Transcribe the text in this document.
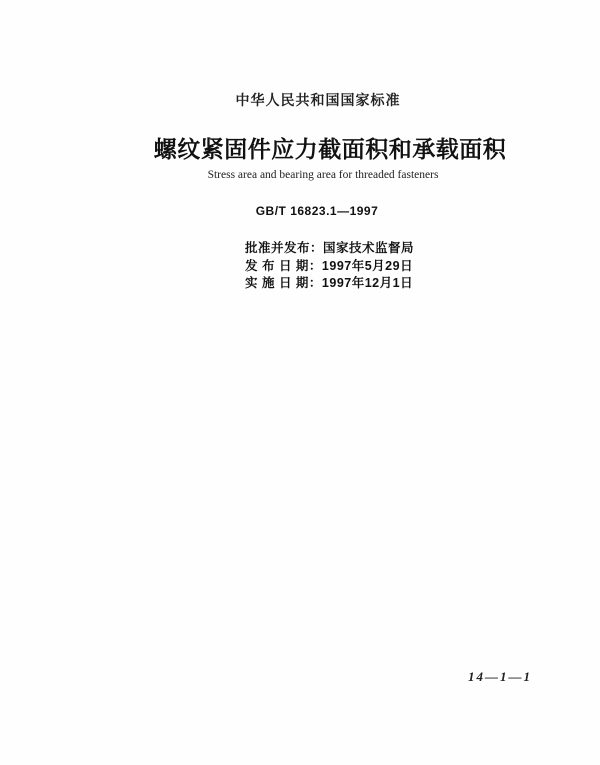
中华人民共和国国家标准
螺纹紧固件应力截面积和承载面积
Stress area and bearing area for threaded fasteners
GB/T 16823.1—1997
批准并发布：国家技术监督局
发 布 日 期：1997年5月29日
实 施 日 期：1997年12月1日
14—1—1
